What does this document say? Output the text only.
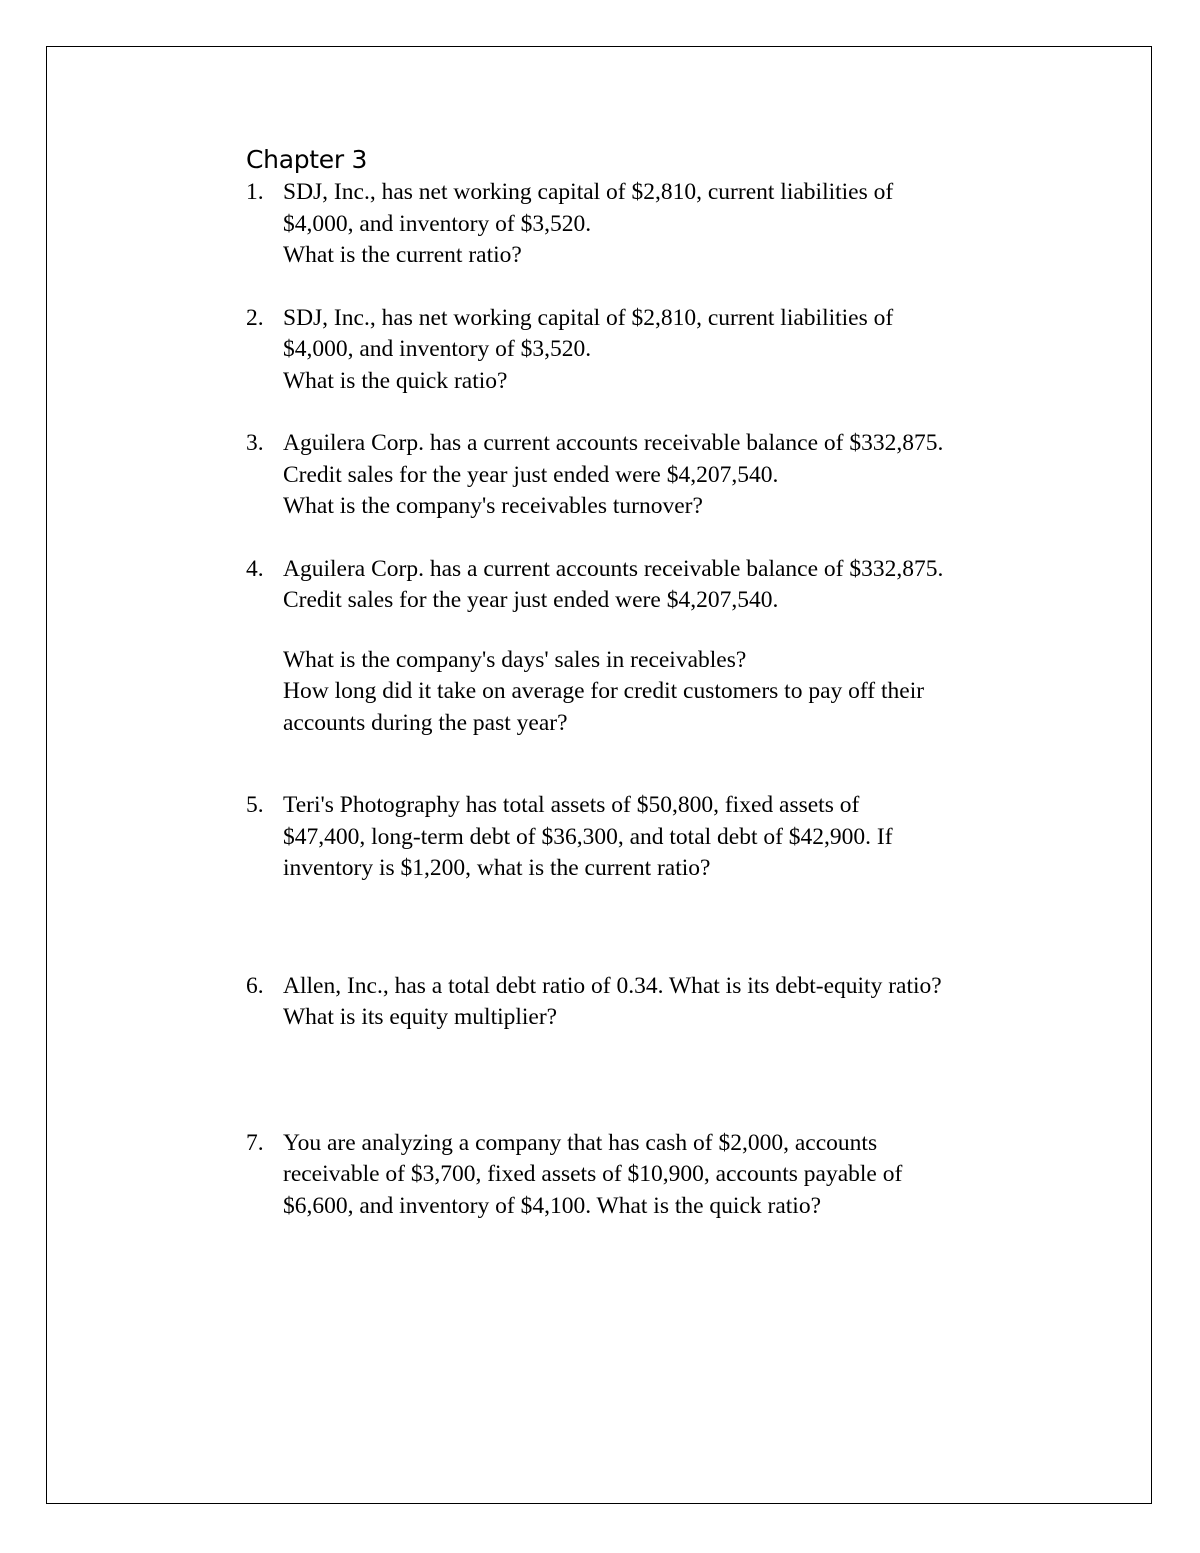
Chapter 3
1. SDJ, Inc., has net working capital of $2,810, current liabilities of
$4,000, and inventory of $3,520.
What is the current ratio?
2. SDJ, Inc., has net working capital of $2,810, current liabilities of
$4,000, and inventory of $3,520.
What is the quick ratio?
3. Aguilera Corp. has a current accounts receivable balance of $332,875.
Credit sales for the year just ended were $4,207,540.
What is the company's receivables turnover?
4. Aguilera Corp. has a current accounts receivable balance of $332,875.
Credit sales for the year just ended were $4,207,540.
What is the company's days' sales in receivables?
How long did it take on average for credit customers to pay off their
accounts during the past year?
5. Teri's Photography has total assets of $50,800, fixed assets of
$47,400, long-term debt of $36,300, and total debt of $42,900. If
inventory is $1,200, what is the current ratio?
6. Allen, Inc., has a total debt ratio of 0.34. What is its debt-equity ratio?
What is its equity multiplier?
7. You are analyzing a company that has cash of $2,000, accounts
receivable of $3,700, fixed assets of $10,900, accounts payable of
$6,600, and inventory of $4,100. What is the quick ratio?
